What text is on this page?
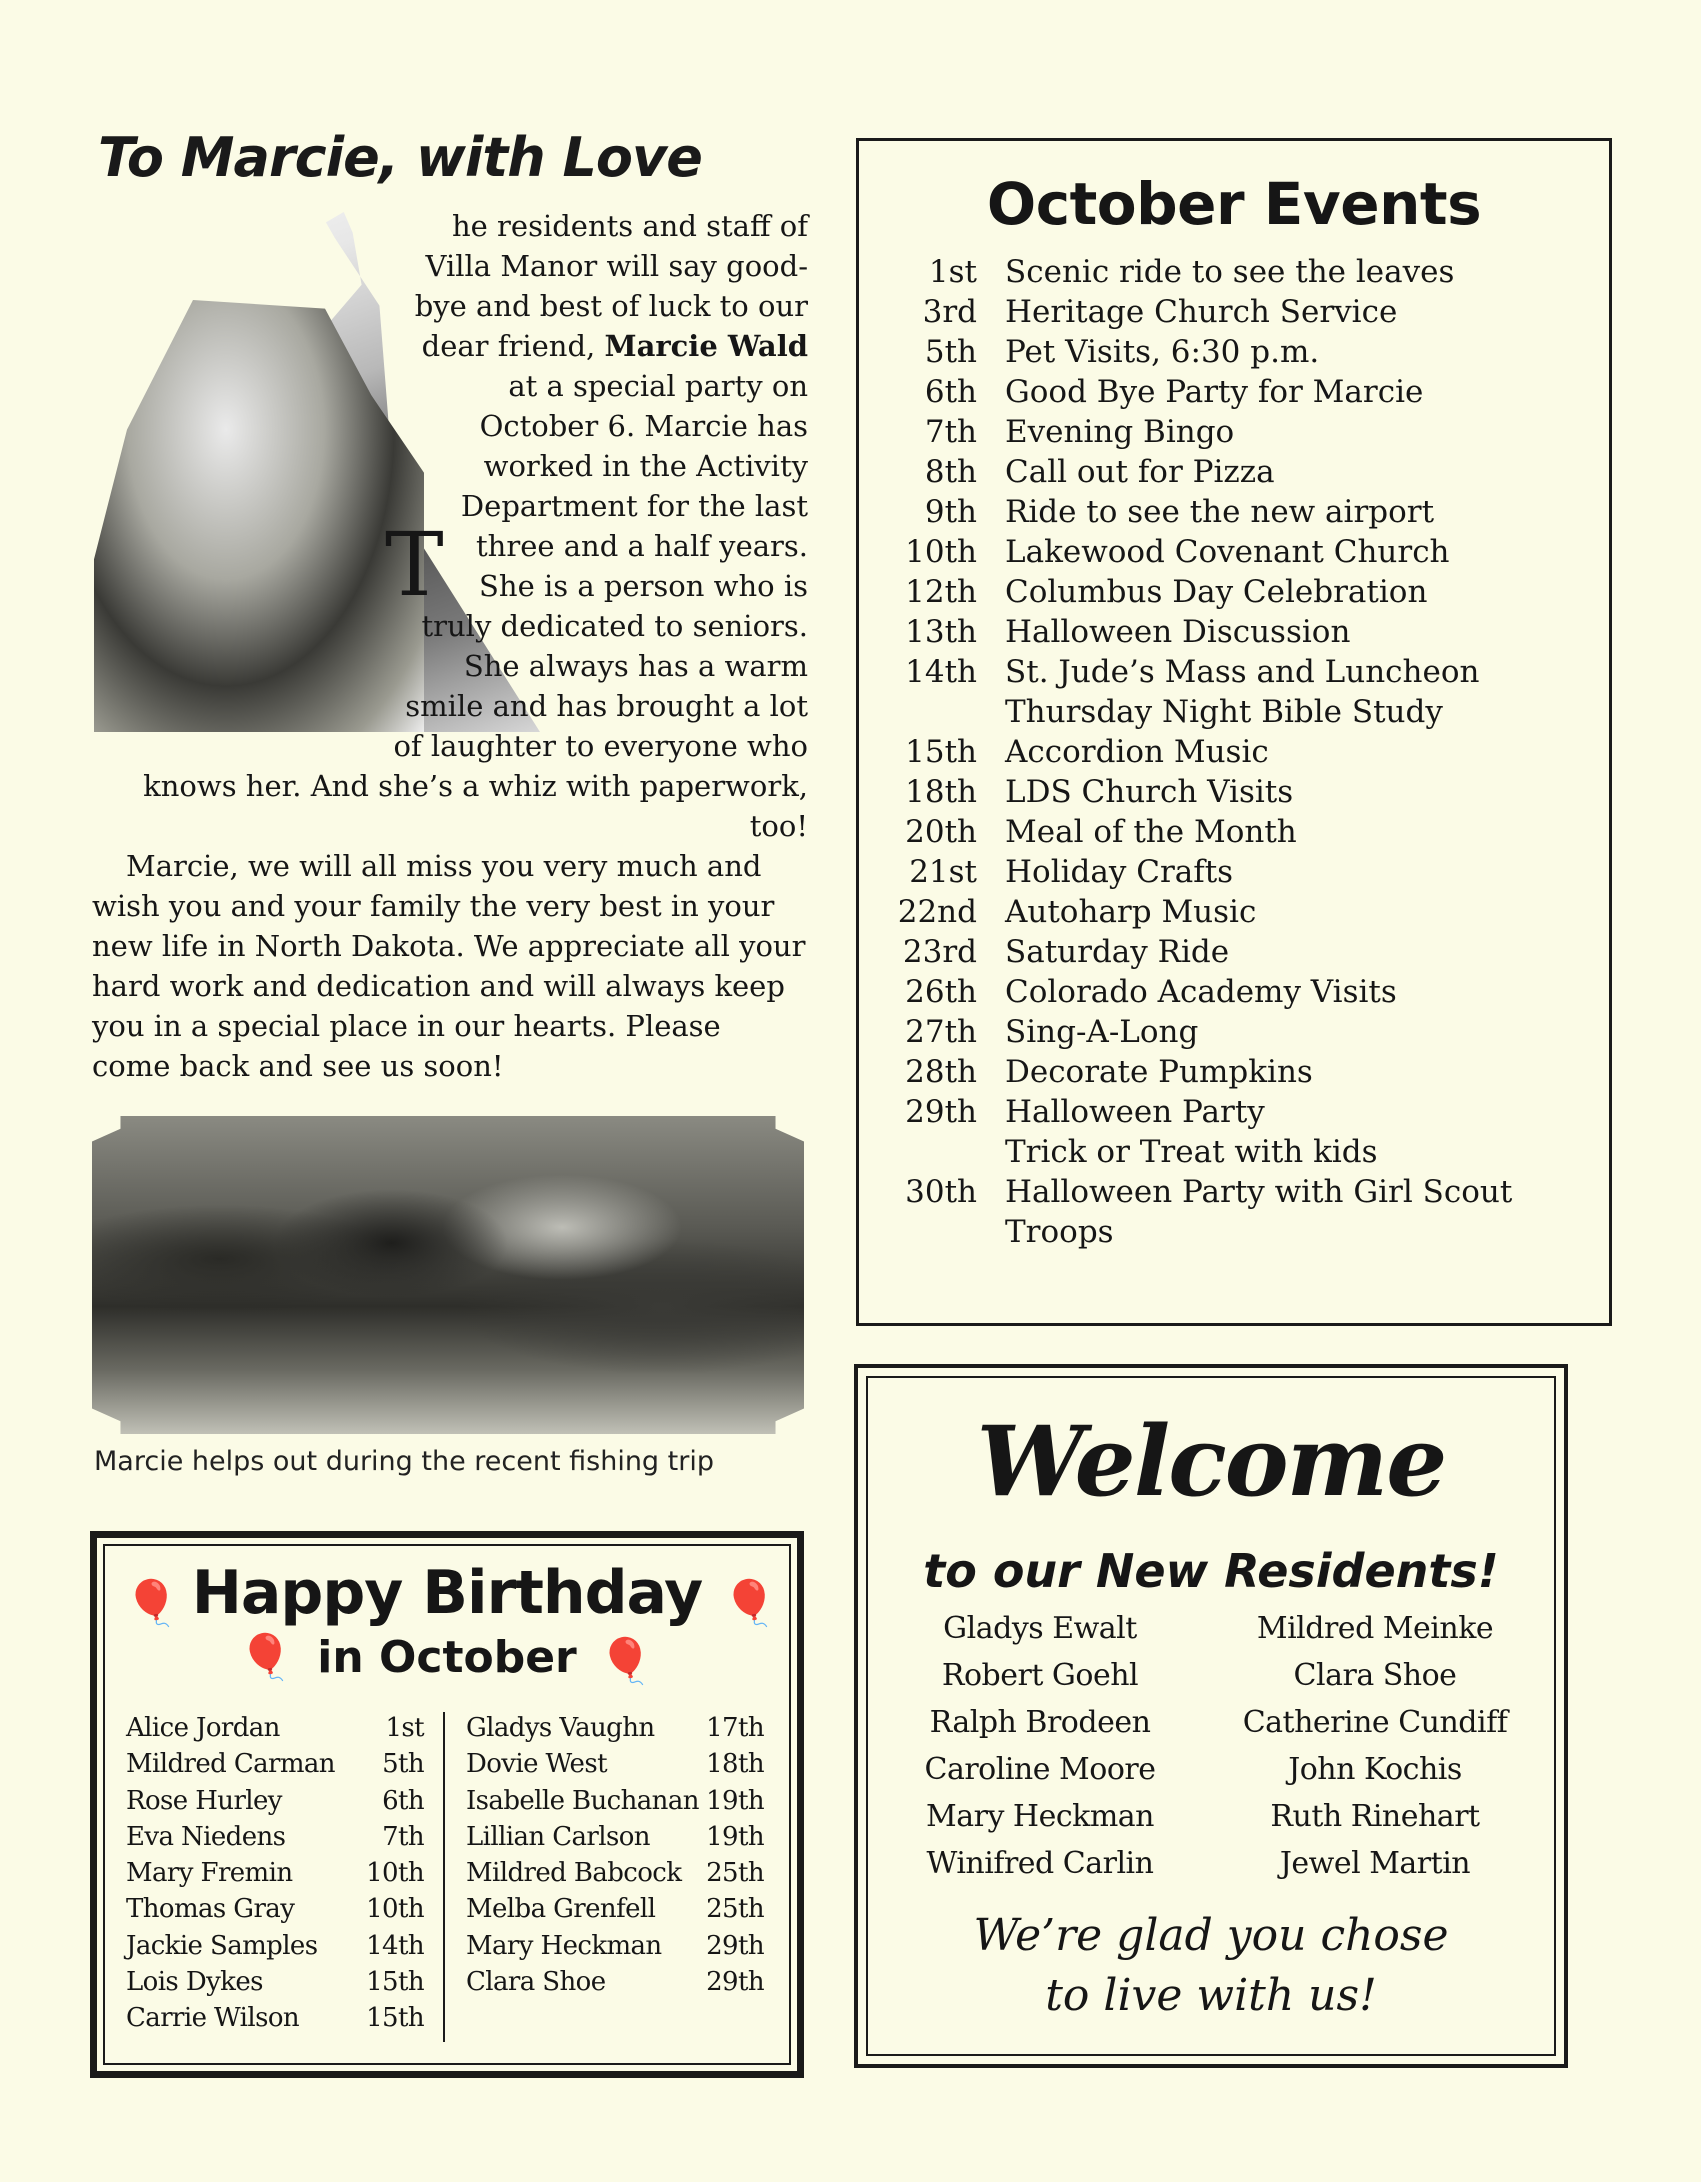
To Marcie, with Love

T
he residents and staff of Villa Manor will say good-bye and best of luck to our dear friend, Marcie Wald at a special party on October 6. Marcie has worked in the Activity Department for the last three and a half years. She is a person who is truly dedicated to seniors. She always has a warm smile and has brought a lot of laughter to everyone who knows her. And she’s a whiz with paperwork, too!

Marcie, we will all miss you very much and wish you and your family the very best in your new life in North Dakota. We appreciate all your hard work and dedication and will always keep you in a special place in our hearts. Please come back and see us soon!

Marcie helps out during the recent fishing trip

Happy Birthday
in October
🎈	🎈
🎈	🎈
Alice Jordan	1st
Mildred Carman 5th
Rose Hurley	6th
Eva Niedens	7th
Mary Fremin	10th
Thomas Gray	10th
Jackie Samples 14th
Lois Dykes	15th
Carrie Wilson	15th
Gladys Vaughn 17th
Dovie West	18th
Isabelle Buchanan 19th
Lillian Carlson 19th
Mildred Babcock 25th
Melba Grenfell 25th
Mary Heckman 29th
Clara Shoe	29th
October Events
1st Scenic ride to see the leaves
3rd Heritage Church Service
5th Pet Visits, 6:30 p.m.
6th Good Bye Party for Marcie
7th Evening Bingo
8th Call out for Pizza
9th Ride to see the new airport
10th Lakewood Covenant Church
12th Columbus Day Celebration
13th Halloween Discussion
14th St. Jude’s Mass and Luncheon
Thursday Night Bible Study
15th Accordion Music
18th LDS Church Visits
20th Meal of the Month
21st Holiday Crafts
22nd Autoharp Music
23rd Saturday Ride
26th Colorado Academy Visits
27th Sing-A-Long
28th Decorate Pumpkins
29th Halloween Party
Trick or Treat with kids
30th Halloween Party with Girl Scout
Troops
Welcome
to our New Residents!
Gladys Ewalt
Robert Goehl
Ralph Brodeen
Caroline Moore
Mary Heckman
Winifred Carlin
Mildred Meinke
Clara Shoe
Catherine Cundiff
John Kochis
Ruth Rinehart
Jewel Martin

We’re glad you chose
to live with us!
